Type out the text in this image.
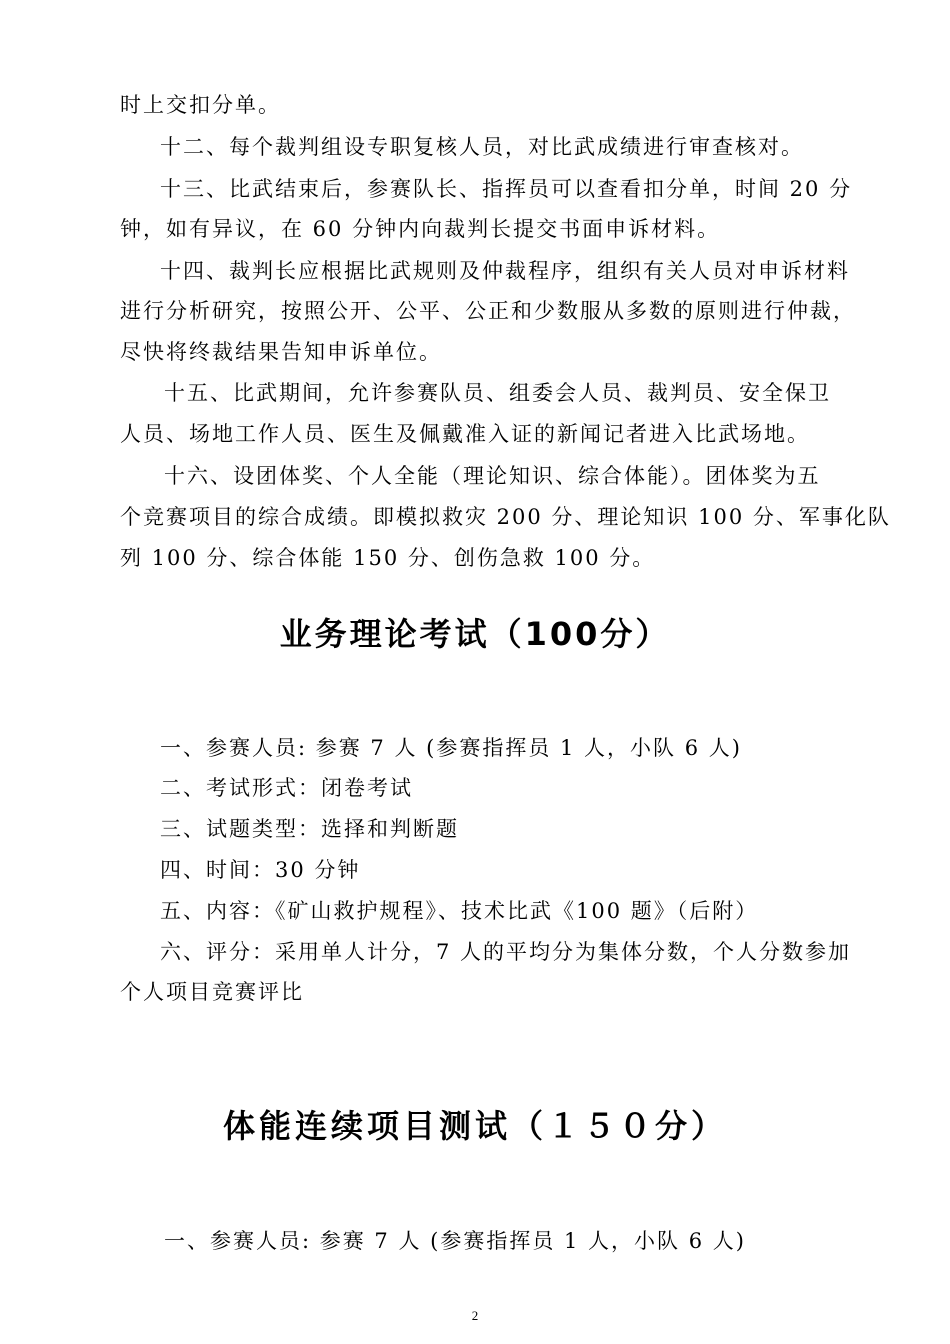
时上交扣分单。
十二、每个裁判组设专职复核人员，对比武成绩进行审查核对。
十三、比武结束后，参赛队长、指挥员可以查看扣分单，时间 20 分
钟，如有异议，在 60 分钟内向裁判长提交书面申诉材料。
十四、裁判长应根据比武规则及仲裁程序，组织有关人员对申诉材料
进行分析研究，按照公开、公平、公正和少数服从多数的原则进行仲裁，
尽快将终裁结果告知申诉单位。
十五、比武期间，允许参赛队员、组委会人员、裁判员、安全保卫
人员、场地工作人员、医生及佩戴准入证的新闻记者进入比武场地。
十六、设团体奖、个人全能（理论知识、综合体能）。团体奖为五
个竞赛项目的综合成绩。即模拟救灾 200 分、理论知识 100 分、军事化队
列 100 分、综合体能 150 分、创伤急救 100 分。
业务理论考试（100分）
一、参赛人员: 参赛 7 人 (参赛指挥员 1 人，小队 6 人)
二、考试形式：闭卷考试
三、试题类型：选择和判断题
四、时间：30 分钟
五、内容：《矿山救护规程》、技术比武《100 题》（后附）
六、评分：采用单人计分，7 人的平均分为集体分数，个人分数参加
个人项目竞赛评比
体能连续项目测试（１５０分）
一、参赛人员: 参赛 7 人 (参赛指挥员 1 人，小队 6 人)
2
